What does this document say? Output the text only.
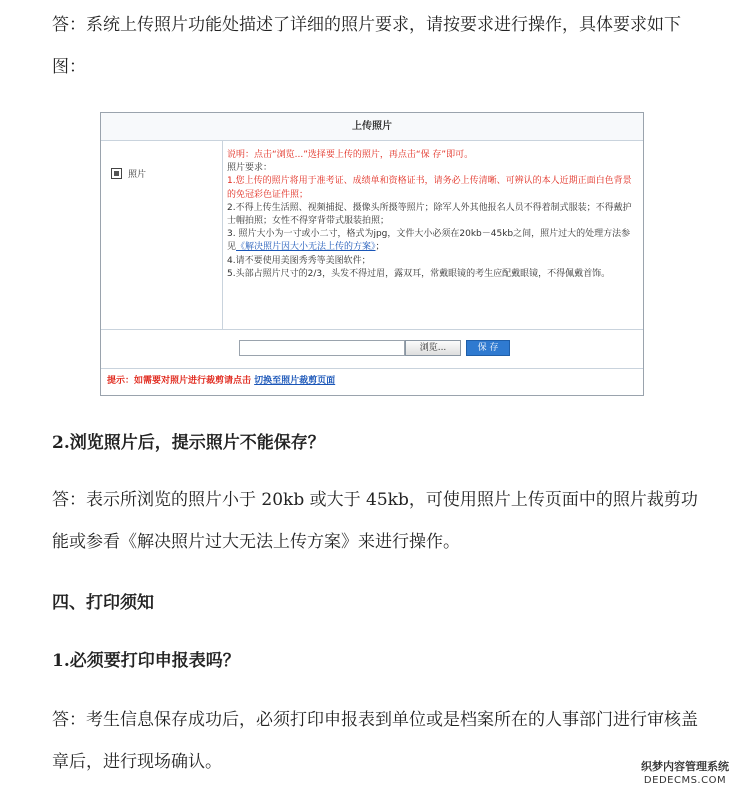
答：系统上传照片功能处描述了详细的照片要求，请按要求进行操作，具体要求如下图：
上传照片
照片
说明：点击“浏览...”选择要上传的照片，再点击“保 存”即可。
照片要求：
1.您上传的照片将用于准考证、成绩单和资格证书，请务必上传清晰、可辨认的本人近期正面白色背景的免冠彩色证件照；
2.不得上传生活照、视频捕捉、摄像头所摄等照片；除军人外其他报名人员不得着制式服装；不得戴护士帽拍照；女性不得穿背带式服装拍照；
3. 照片大小为一寸或小二寸，格式为jpg，文件大小必须在20kb－45kb之间，照片过大的处理方法参见《解决照片因大小无法上传的方案》；
4.请不要使用美图秀秀等美图软件；
5.头部占照片尺寸的2/3，头发不得过眉，露双耳，常戴眼镜的考生应配戴眼镜，不得佩戴首饰。
浏览...	保 存
提示：如需要对照片进行裁剪请点击 切换至照片裁剪页面
2.浏览照片后，提示照片不能保存？
答：表示所浏览的照片小于 20kb 或大于 45kb，可使用照片上传页面中的照片裁剪功能或参看《解决照片过大无法上传方案》来进行操作。
四、打印须知
1.必须要打印申报表吗？
答：考生信息保存成功后，必须打印申报表到单位或是档案所在的人事部门进行审核盖章后，进行现场确认。	织梦内容管理系统
DEDECMS.COM
